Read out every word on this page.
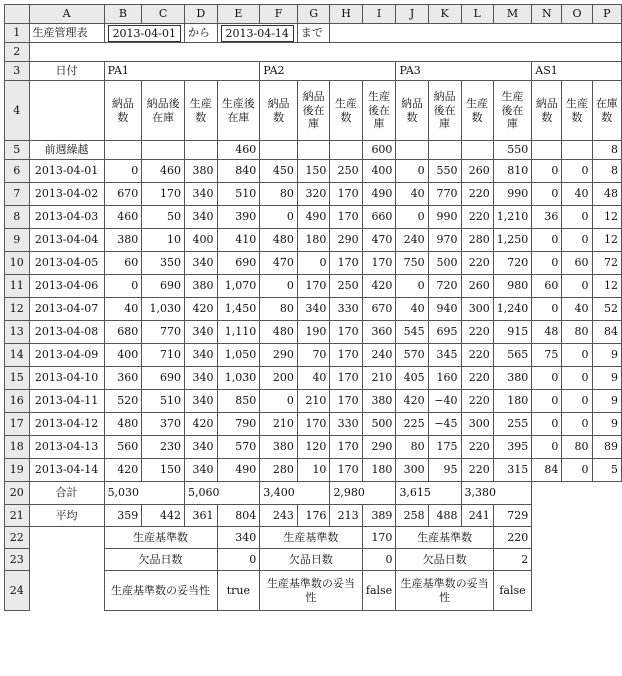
	A	B	C	D	E	F	G	H	I	J	K	L	M	N	O	P
1	生産管理表	2013-04-01		から	2013-04-14		まで									
2																
3	日付	PA1				PA2				PA3				AS1		
4		納品数	納品後在庫	生産数	生産後在庫	納品数	納品後在庫	生産数	生産後在庫	納品数	納品後在庫	生産数	生産後在庫	納品数	生産数	在庫数
5	前週繰越				460				600				550			8
6	2013-04-01	0	460	380	840	450	150	250	400	0	550	260	810	0	0	8
7	2013-04-02	670	170	340	510	80	320	170	490	40	770	220	990	0	40	48
8	2013-04-03	460	50	340	390	0	490	170	660	0	990	220	1,210	36	0	12
9	2013-04-04	380	10	400	410	480	180	290	470	240	970	280	1,250	0	0	12
10	2013-04-05	60	350	340	690	470	0	170	170	750	500	220	720	0	60	72
11	2013-04-06	0	690	380	1,070	0	170	250	420	0	720	260	980	60	0	12
12	2013-04-07	40	1,030	420	1,450	80	340	330	670	40	940	300	1,240	0	40	52
13	2013-04-08	680	770	340	1,110	480	190	170	360	545	695	220	915	48	80	84
14	2013-04-09	400	710	340	1,050	290	70	170	240	570	345	220	565	75	0	9
15	2013-04-10	360	690	340	1,030	200	40	170	210	405	160	220	380	0	0	9
16	2013-04-11	520	510	340	850	0	210	170	380	420	−40	220	180	0	0	9
17	2013-04-12	480	370	420	790	210	170	330	500	225	−45	300	255	0	0	9
18	2013-04-13	560	230	340	570	380	120	170	290	80	175	220	395	0	80	89
19	2013-04-14	420	150	340	490	280	10	170	180	300	95	220	315	84	0	5
20	合計	5,030		5,060		3,400		2,980		3,615		3,380				
21	平均	359	442	361	804	243	176	213	389	258	488	241	729			
22		生産基準数			340	生産基準数			170	生産基準数			220			
23		欠品日数			0	欠品日数			0	欠品日数			2			
24		生産基準数の妥当性			true	生産基準数の妥当性			false	生産基準数の妥当性			false			
